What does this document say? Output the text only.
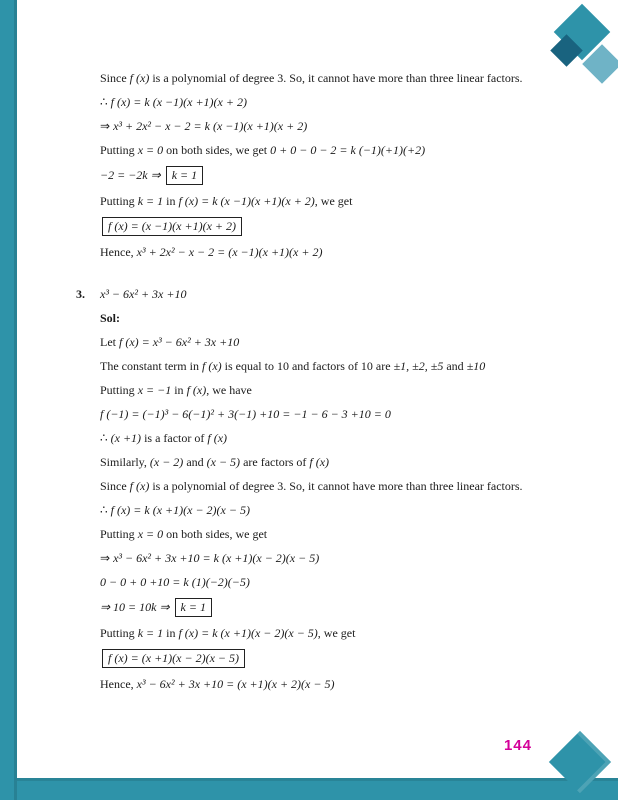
Since f (x) is a polynomial of degree 3. So, it cannot have more than three linear factors.
∴ f (x) = k (x −1)(x +1)(x + 2)
⇒ x³ + 2x² − x − 2 = k (x −1)(x +1)(x + 2)
Putting x = 0 on both sides, we get 0 + 0 − 0 − 2 = k (−1)(+1)(+2)
−2 = −2k ⇒ k = 1
Putting k = 1 in f (x) = k (x −1)(x +1)(x + 2), we get
f (x) = (x −1)(x +1)(x + 2)
Hence, x³ + 2x² − x − 2 = (x −1)(x +1)(x + 2)
3. x³ − 6x² + 3x +10
Sol:
Let f (x) = x³ − 6x² + 3x +10
The constant term in f (x) is equal to 10 and factors of 10 are ±1, ±2, ±5 and ±10
Putting x = −1 in f (x), we have
f (−1) = (−1)³ − 6(−1)² + 3(−1) +10 = −1 − 6 − 3 +10 = 0
∴ (x +1) is a factor of f (x)
Similarly, (x − 2) and (x − 5) are factors of f (x)
Since f (x) is a polynomial of degree 3. So, it cannot have more than three linear factors.
∴ f (x) = k (x +1)(x − 2)(x − 5)
Putting x = 0 on both sides, we get
⇒ x³ − 6x² + 3x +10 = k (x +1)(x − 2)(x − 5)
0 − 0 + 0 +10 = k (1)(−2)(−5)
⇒ 10 = 10k ⇒ k = 1
Putting k = 1 in f (x) = k (x +1)(x − 2)(x − 5), we get
f (x) = (x +1)(x − 2)(x − 5)
Hence, x³ − 6x² + 3x +10 = (x +1)(x + 2)(x − 5)
144
